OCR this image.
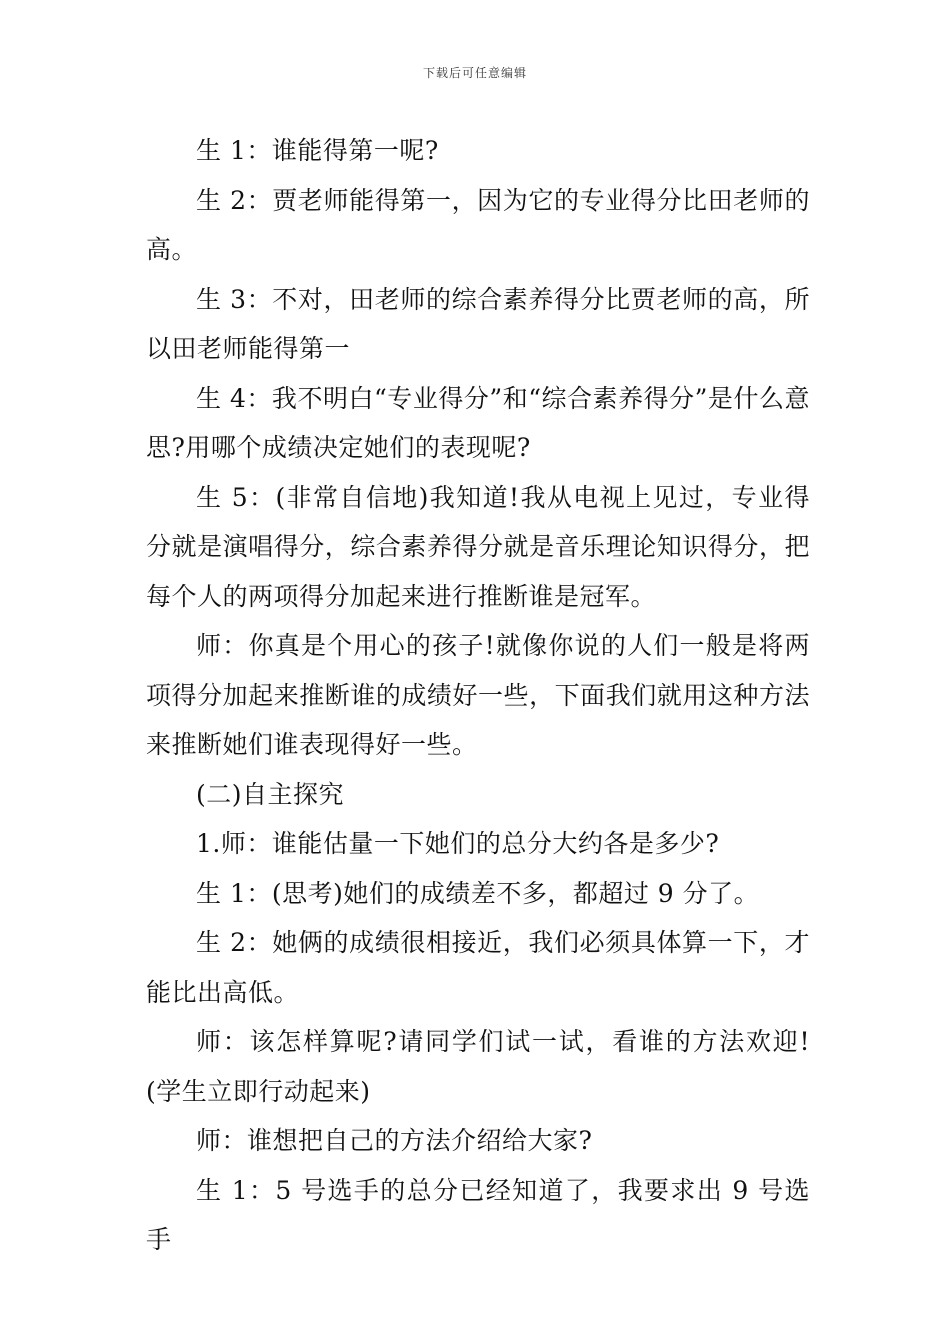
下载后可任意编辑

生 1：谁能得第一呢?

生 2：贾老师能得第一，因为它的专业得分比田老师的高。

生 3：不对，田老师的综合素养得分比贾老师的高，所以田老师能得第一

生 4：我不明白“专业得分”和“综合素养得分”是什么意思?用哪个成绩决定她们的表现呢?

生 5：(非常自信地)我知道!我从电视上见过，专业得分就是演唱得分，综合素养得分就是音乐理论知识得分，把每个人的两项得分加起来进行推断谁是冠军。

师：你真是个用心的孩子!就像你说的人们一般是将两项得分加起来推断谁的成绩好一些，下面我们就用这种方法来推断她们谁表现得好一些。

(二)自主探究

1.师：谁能估量一下她们的总分大约各是多少?

生 1：(思考)她们的成绩差不多，都超过 9 分了。

生 2：她俩的成绩很相接近，我们必须具体算一下，才能比出高低。

师：该怎样算呢?请同学们试一试，看谁的方法欢迎!(学生立即行动起来)

师：谁想把自己的方法介绍给大家?

生 1：5 号选手的总分已经知道了，我要求出 9 号选手
